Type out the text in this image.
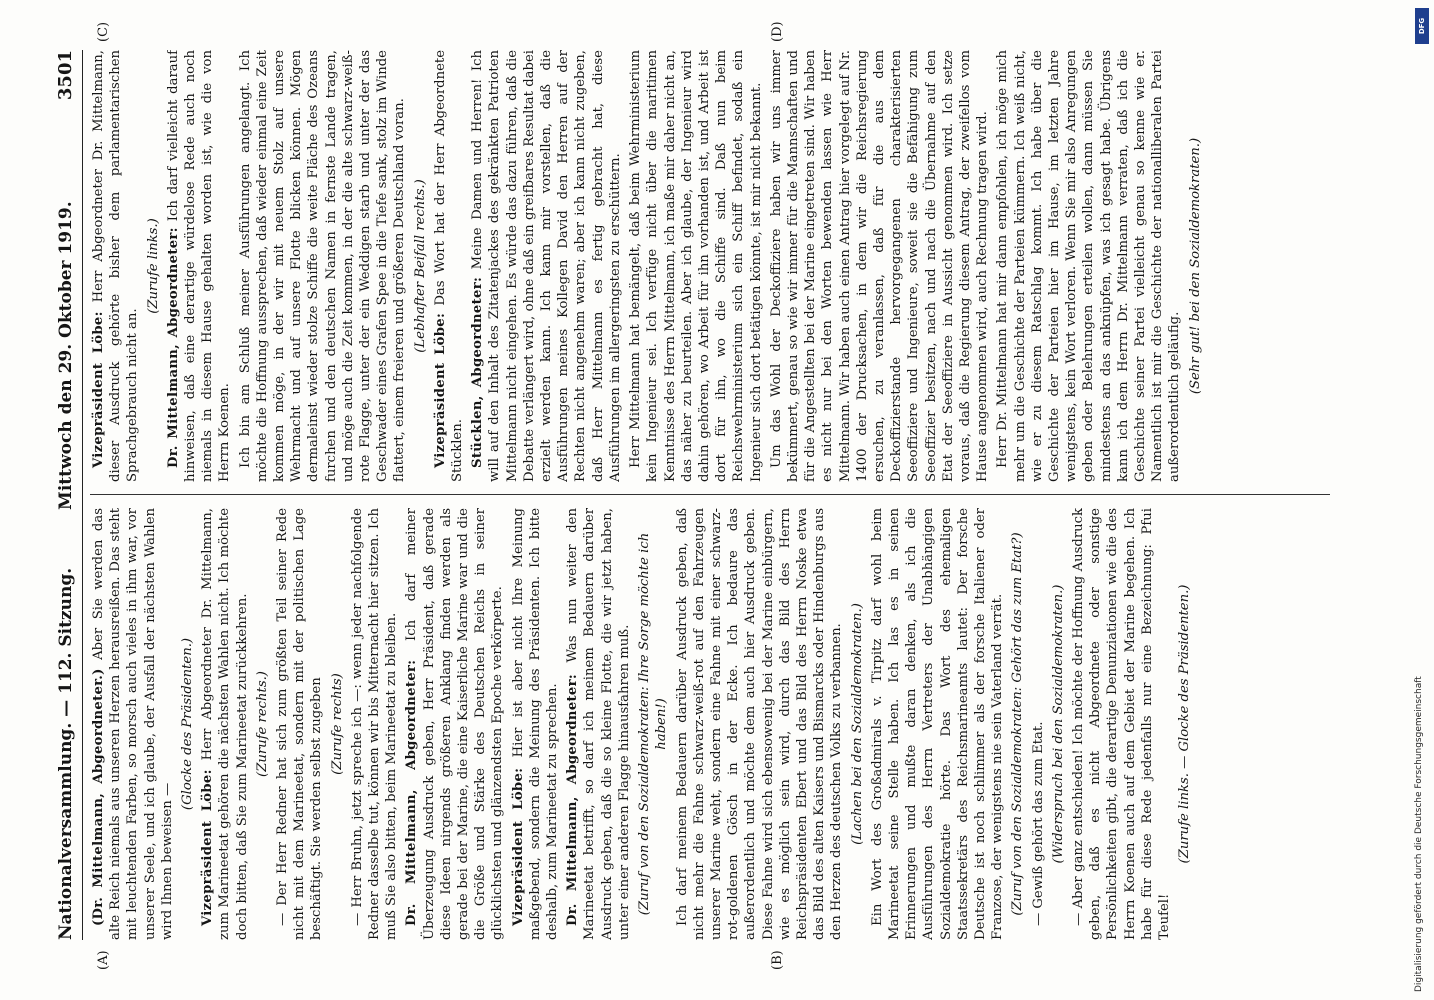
Nationalversammlung. — 112. Sitzung.
Mittwoch den 29. Oktober 1919.
3501
(A)	(B)
(C)	(D)

(Dr. Mittelmann, Abgeordneter.) Aber Sie werden das alte Reich niemals aus unseren Herzen herausreißen. Das steht mit leuchtenden Farben, so morsch auch vieles in ihm war, vor unserer Seele, und ich glaube, der Ausfall der nächsten Wahlen wird Ihnen beweisen —

(Glocke des Präsidenten.)

Vizepräsident Löbe: Herr Abgeordneter Dr. Mittelmann, zum Marineetat gehören die nächsten Wahlen nicht. Ich möchte doch bitten, daß Sie zum Marineetat zurückkehren. (Zurufe rechts.) — Der Herr Redner hat sich zum größten Teil seiner Rede nicht mit dem Marineetat, sondern mit der politischen Lage beschäftigt. Sie werden selbst zugeben (Zurufe rechts) — Herr Bruhn, jetzt spreche ich —: wenn jeder nachfolgende Redner dasselbe tut, können wir bis Mitternacht hier sitzen. Ich muß Sie also bitten, beim Marineetat zu bleiben. Dr. Mittelmann, Abgeordneter: Ich darf meiner Überzeugung Ausdruck geben, Herr Präsident, daß gerade diese Ideen nirgends größeren Anklang finden werden als gerade bei der Marine, die eine Kaiserliche Marine war und die die Größe und Stärke des Deutschen Reichs in seiner glücklichsten und glänzendsten Epoche verkörperte. Vizepräsident Löbe: Hier ist aber nicht Ihre Meinung maßgebend, sondern die Meinung des Präsidenten. Ich bitte deshalb, zum Marineetat zu sprechen. Dr. Mittelmann, Abgeordneter: Was nun weiter den Marineetat betrifft, so darf ich meinem Bedauern darüber Ausdruck geben, daß die so kleine Flotte, die wir jetzt haben, unter einer anderen Flagge hinausfahren muß. (Zuruf von den Sozialdemokraten: Ihre Sorge möchte ich haben!) Ich darf meinem Bedauern darüber Ausdruck geben, daß nicht mehr die Fahne schwarz-weiß-rot auf den Fahrzeugen unserer Marine weht, sondern eine Fahne mit einer schwarz-rot-goldenen Gösch in der Ecke. Ich bedaure das außerordentlich und möchte dem auch hier Ausdruck geben. Diese Fahne wird sich ebensowenig bei der Marine einbürgern, wie es möglich sein wird, durch das Bild des Herrn Reichspräsidenten Ebert und das Bild des Herrn Noske etwa das Bild des alten Kaisers und Bismarcks oder Hindenburgs aus den Herzen des deutschen Volks zu verbannen. (Lachen bei den Sozialdemokraten.) Ein Wort des Großadmirals v. Tirpitz darf wohl beim Marineetat seine Stelle haben. Ich las es in seinen Erinnerungen und mußte daran denken, als ich die Ausführungen des Herrn Vertreters der Unabhängigen Sozialdemokratie hörte. Das Wort des ehemaligen Staatssekretärs des Reichsmarineamts lautet: Der forsche Deutsche ist noch schlimmer als der forsche Italiener oder Franzose, der wenigstens nie sein Vaterland verrät. (Zuruf von den Sozialdemokraten: Gehört das zum Etat?) — Gewiß gehört das zum Etat. (Widerspruch bei den Sozialdemokraten.) — Aber ganz entschieden! Ich möchte der Hoffnung Ausdruck geben, daß es nicht Abgeordnete oder sonstige Persönlichkeiten gibt, die derartige Denunziationen wie die des Herrn Koenen auch auf dem Gebiet der Marine begehen. Ich habe für diese Rede jedenfalls nur eine Bezeichnung: Pfui Teufel!

(Zurufe links. — Glocke des Präsidenten.)

Vizepräsident Löbe: Herr Abgeordneter Dr. Mittelmann, dieser Ausdruck gehörte bisher dem parlamentarischen Sprachgebrauch nicht an.

(Zurufe links.) Dr. Mittelmann, Abgeordneter: Ich darf vielleicht darauf hinweisen, daß eine derartige würdelose Rede auch noch niemals in diesem Hause gehalten worden ist, wie die von Herrn Koenen. Ich bin am Schluß meiner Ausführungen angelangt. Ich möchte die Hoffnung aussprechen, daß wieder einmal eine Zeit kommen möge, in der wir mit neuem Stolz auf unsere Wehrmacht und auf unsere Flotte blicken können. Mögen dermaleinst wieder stolze Schiffe die weite Fläche des Ozeans furchen und den deutschen Namen in fernste Lande tragen, und möge auch die Zeit kommen, in der die alte schwarz-weiß-rote Flagge, unter der ein Weddigen starb und unter der das Geschwader eines Grafen Spee in die Tiefe sank, stolz im Winde flattert, einem freieren und größeren Deutschland voran. (Lebhafter Beifall rechts.)

Vizepräsident Löbe: Das Wort hat der Herr Abgeordnete Stücklen. Stücklen, Abgeordneter: Meine Damen und Herren! Ich will auf den Inhalt des Zitatenjackes des gekränkten Patrioten Mittelmann nicht eingehen. Es würde das dazu führen, daß die Debatte verlängert wird, ohne daß ein greifbares Resultat dabei erzielt werden kann. Ich kann mir vorstellen, daß die Ausführungen meines Kollegen David den Herren auf der Rechten nicht angenehm waren; aber ich kann nicht zugeben, daß Herr Mittelmann es fertig gebracht hat, diese Ausführungen im allergeringsten zu erschüttern. Herr Mittelmann hat bemängelt, daß beim Wehrministerium kein Ingenieur sei. Ich verfüge nicht über die maritimen Kenntnisse des Herrn Mittelmann, ich maße mir daher nicht an, das näher zu beurteilen. Aber ich glaube, der Ingenieur wird dahin gehören, wo Arbeit für ihn vorhanden ist, und Arbeit ist dort für ihn, wo die Schiffe sind. Daß nun beim Reichswehrministerium sich ein Schiff befindet, sodaß ein Ingenieur sich dort betätigen könnte, ist mir nicht bekannt. Um das Wohl der Deckoffiziere haben wir uns immer bekümmert, genau so wie wir immer für die Mannschaften und für die Angestellten bei der Marine eingetreten sind. Wir haben es nicht nur bei den Worten bewenden lassen wie Herr Mittelmann. Wir haben auch einen Antrag hier vorgelegt auf Nr. 1400 der Drucksachen, in dem wir die Reichsregierung ersuchen, zu veranlassen, daß für die aus dem Deckoffizierstande hervorgegangenen charakterisierten Seeoffiziere und Ingenieure, soweit sie die Befähigung zum Seeoffizier besitzen, nach und nach die Übernahme auf den Etat der Seeoffiziere in Aussicht genommen wird. Ich setze voraus, daß die Regierung diesem Antrag, der zweifellos vom Hause angenommen wird, auch Rechnung tragen wird. Herr Dr. Mittelmann hat mir dann empfohlen, ich möge mich mehr um die Geschichte der Parteien kümmern. Ich weiß nicht, wie er zu diesem Ratschlag kommt. Ich habe über die Geschichte der Parteien hier im Hause, im letzten Jahre wenigstens, kein Wort verloren. Wenn Sie mir also Anregungen geben oder Belehrungen erteilen wollen, dann müssen Sie mindestens an das anknüpfen, was ich gesagt habe. Übrigens kann ich dem Herrn Dr. Mittelmann verraten, daß ich die Geschichte seiner Partei vielleicht genau so kenne wie er. Namentlich ist mir die Geschichte der nationalliberalen Partei außerordentlich geläufig.

(Sehr gut! bei den Sozialdemokraten.)

DFG
Digitalisierung gefördert durch die Deutsche Forschungsgemeinschaft
